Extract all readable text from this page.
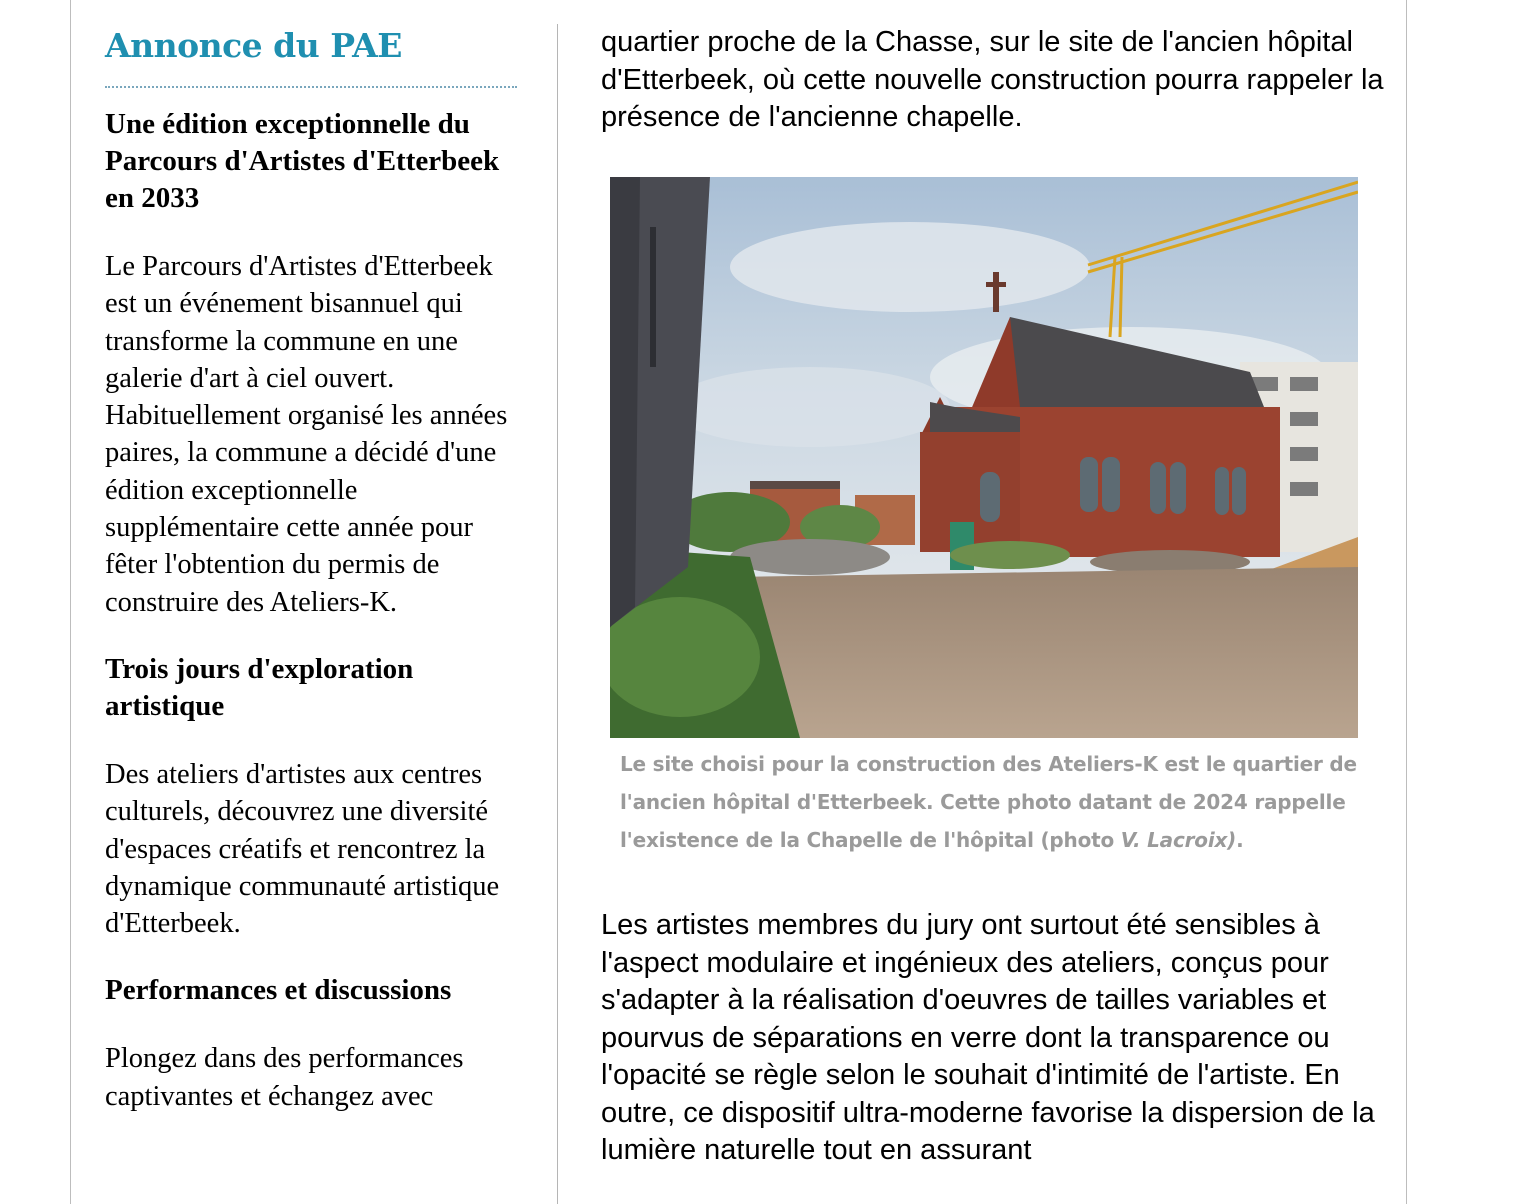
Annonce du PAE
Une édition exceptionnelle du Parcours d'Artistes d'Etterbeek en 2033

Le Parcours d'Artistes d'Etterbeek est un événement bisannuel qui transforme la commune en une galerie d'art à ciel ouvert. Habituellement organisé les années paires, la commune a décidé d'une édition exceptionnelle supplémentaire cette année pour fêter l'obtention du permis de construire des Ateliers-K.

Trois jours d'exploration artistique

Des ateliers d'artistes aux centres culturels, découvrez une diversité d'espaces créatifs et rencontrez la dynamique communauté artistique d'Etterbeek.

Performances et discussions

Plongez dans des performances captivantes et échangez avec

quartier proche de la Chasse, sur le site de l'ancien hôpital d'Etterbeek, où cette nouvelle construction pourra rappeler la présence de l'ancienne chapelle.

Le site choisi pour la construction des Ateliers-K est le quartier de l'ancien hôpital d'Etterbeek. Cette photo datant de 2024 rappelle l'existence de la Chapelle de l'hôpital (photo V. Lacroix).

Les artistes membres du jury ont surtout été sensibles à l'aspect modulaire et ingénieux des ateliers, conçus pour s'adapter à la réalisation d'oeuvres de tailles variables et pourvus de séparations en verre dont la transparence ou l'opacité se règle selon le souhait d'intimité de l'artiste. En outre, ce dispositif ultra-moderne favorise la dispersion de la lumière naturelle tout en assurant
